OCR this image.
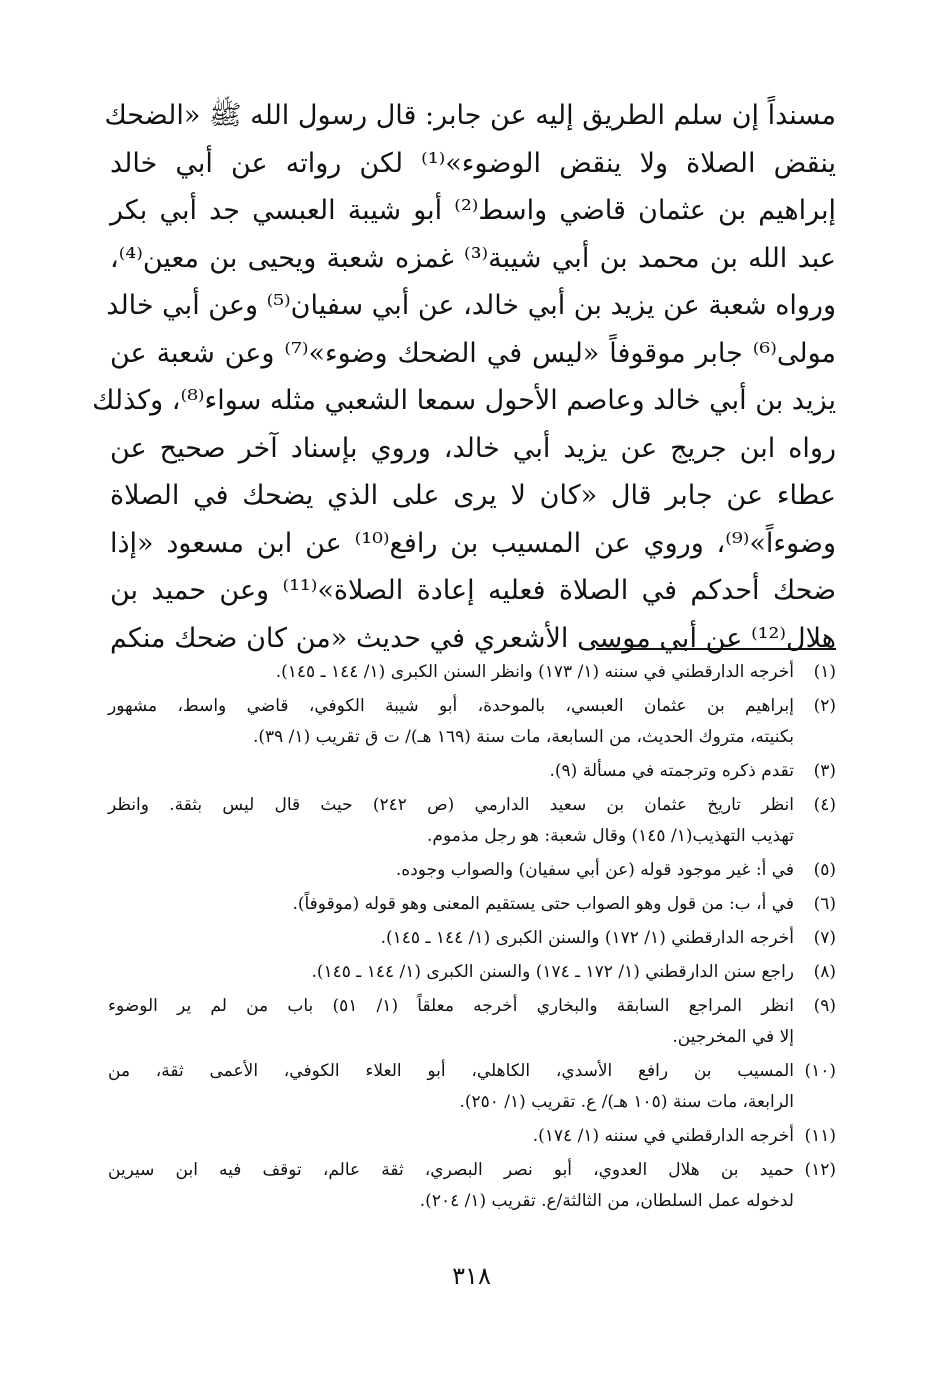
مسنداً إن سلم الطريق إليه عن جابر: قال رسول الله ﷺ «الضحك
ينقض الصلاة ولا ينقض الوضوء»⁽¹⁾ لكن رواته عن أبي خالد
إبراهيم بن عثمان قاضي واسط⁽²⁾ أبو شيبة العبسي جد أبي بكر
عبد الله بن محمد بن أبي شيبة⁽³⁾ غمزه شعبة ويحيى بن معين⁽⁴⁾،
ورواه شعبة عن يزيد بن أبي خالد، عن أبي سفيان⁽⁵⁾ وعن أبي خالد
مولى⁽⁶⁾ جابر موقوفاً «ليس في الضحك وضوء»⁽⁷⁾ وعن شعبة عن
يزيد بن أبي خالد وعاصم الأحول سمعا الشعبي مثله سواء⁽⁸⁾، وكذلك
رواه ابن جريج عن يزيد أبي خالد، وروي بإسناد آخر صحيح عن
عطاء عن جابر قال «كان لا يرى على الذي يضحك في الصلاة
وضوءاً»⁽⁹⁾، وروي عن المسيب بن رافع⁽¹⁰⁾ عن ابن مسعود «إذا
ضحك أحدكم في الصلاة فعليه إعادة الصلاة»⁽¹¹⁾ وعن حميد بن
هلال⁽¹²⁾ عن أبي موسى الأشعري في حديث «من كان ضحك منكم
(١)
أخرجه الدارقطني في سننه (١/ ١٧٣) وانظر السنن الكبرى (١/ ١٤٤ ـ ١٤٥).
(٢)
إبراهيم بن عثمان العبسي، بالموحدة، أبو شيبة الكوفي، قاضي واسط، مشهور
بكنيته، متروك الحديث، من السابعة، مات سنة (١٦٩ هـ)/ ت ق تقريب (١/ ٣٩).
(٣)
تقدم ذكره وترجمته في مسألة (٩).
(٤)
انظر تاريخ عثمان بن سعيد الدارمي (ص ٢٤٢) حيث قال ليس بثقة. وانظر
تهذيب التهذيب(١/ ١٤٥) وقال شعبة: هو رجل مذموم.
(٥)
في أ: غير موجود قوله (عن أبي سفيان) والصواب وجوده.
(٦)
في أ، ب: من قول وهو الصواب حتى يستقيم المعنى وهو قوله (موقوفاً).
(٧)
أخرجه الدارقطني (١/ ١٧٢) والسنن الكبرى (١/ ١٤٤ ـ ١٤٥).
(٨)
راجع سنن الدارقطني (١/ ١٧٢ ـ ١٧٤) والسنن الكبرى (١/ ١٤٤ ـ ١٤٥).
(٩)
انظر المراجع السابقة والبخاري أخرجه معلقاً (١/ ٥١) باب من لم ير الوضوء
إلا في المخرجين.
(١٠)
المسيب بن رافع الأسدي، الكاهلي، أبو العلاء الكوفي، الأعمى ثقة، من
الرابعة، مات سنة (١٠٥ هـ)/ ع. تقريب (١/ ٢٥٠).
(١١)
أخرجه الدارقطني في سننه (١/ ١٧٤).
(١٢)
حميد بن هلال العدوي، أبو نصر البصري، ثقة عالم، توقف فيه ابن سيرين
لدخوله عمل السلطان، من الثالثة/ع. تقريب (١/ ٢٠٤).
٣١٨
